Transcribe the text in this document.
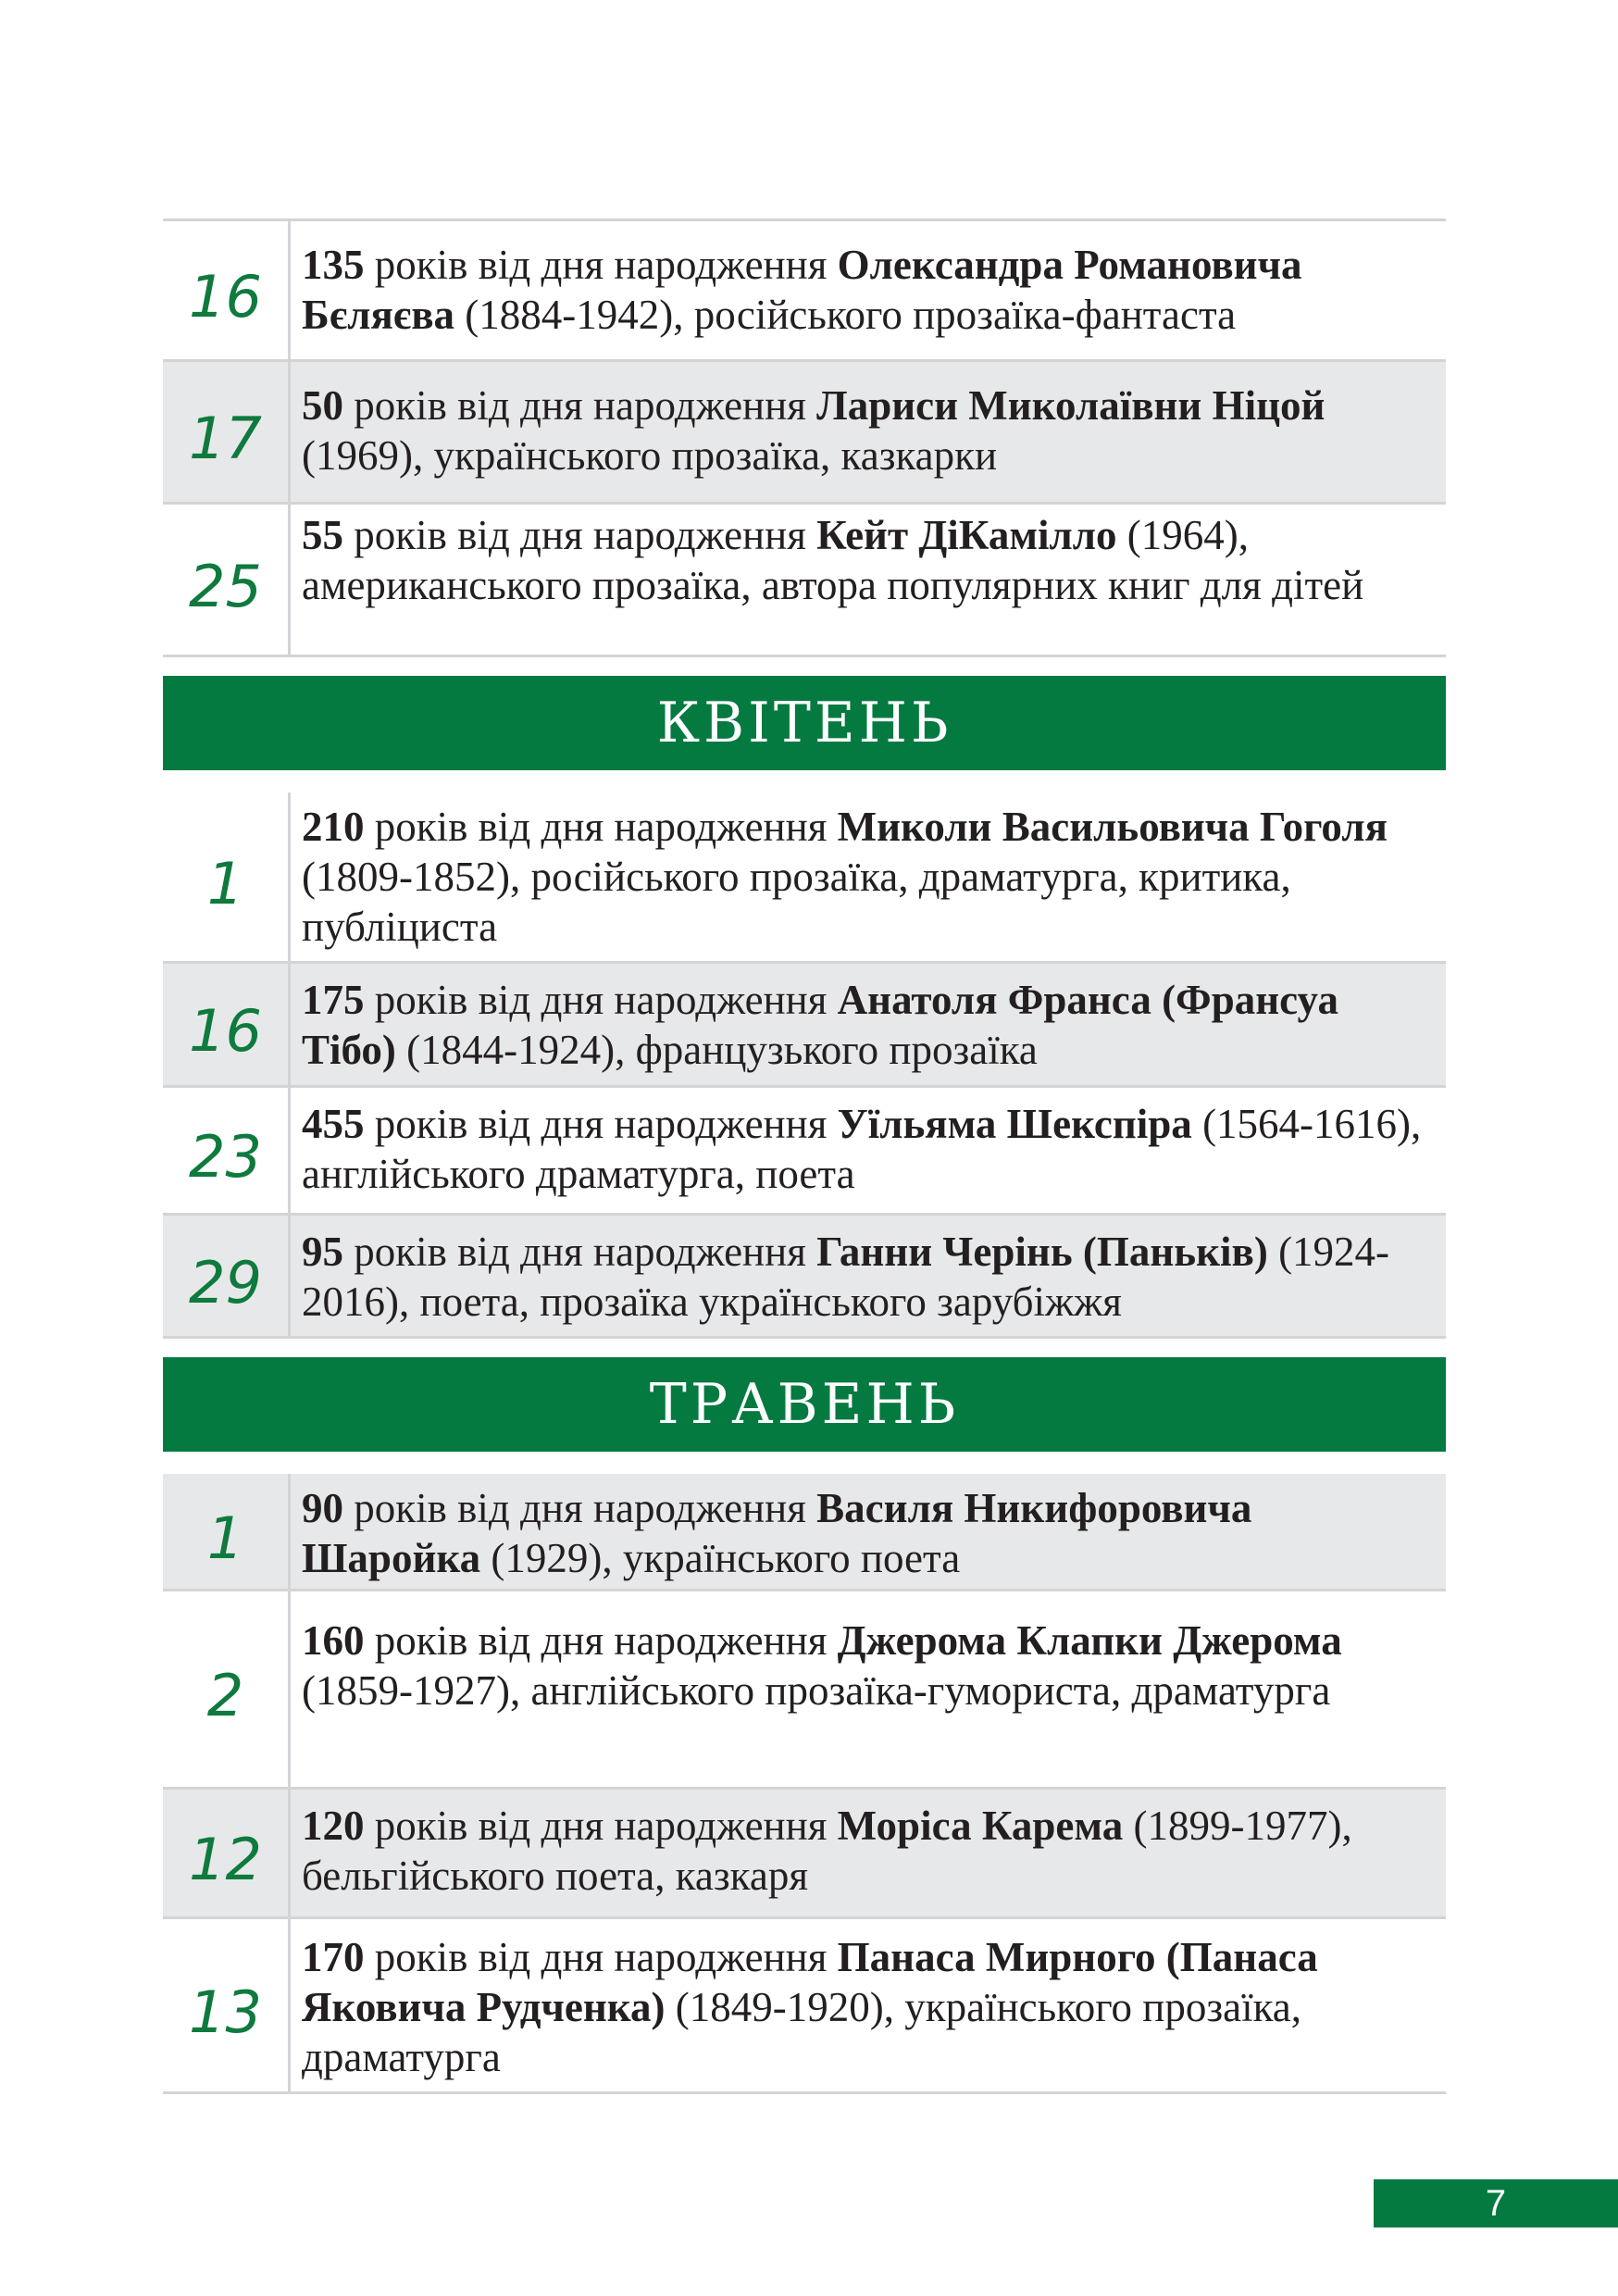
16 135 років від дня народження Олександра Романовича Бєляєва (1884-1942), російського прозаїка-фантаста
17 50 років від дня народження Лариси Миколаївни Ніцой (1969), українського прозаїка, казкарки
25
55 років від дня народження Кейт ДіКамілло (1964), американського прозаїка, автора популярних книг для дітей
КВІТЕНЬ
1
210 років від дня народження Миколи Васильовича Гоголя (1809-1852), російського прозаїка, драматурга, критика, публіциста
16 175 років від дня народження Анатоля Франса (Франсуа Тібо) (1844-1924), французького прозаїка
23 455 років від дня народження Уїльяма Шекспіра (1564-1616), англійського драматурга, поета
29 95 років від дня народження Ганни Черінь (Паньків) (1924-2016), поета, прозаїка українського зарубіжжя
ТРАВЕНЬ
1	90 років від дня народження Василя Никифоровича Шаройка (1929), українського поета
2
160 років від дня народження Джерома Клапки Джерома (1859-1927), англійського прозаїка-гумориста, драматурга
12 120 років від дня народження Моріса Карема (1899-1977), бельгійського поета, казкаря
13
170 років від дня народження Панаса Мирного (Панаса Яковича Рудченка) (1849-1920), українського прозаїка, драматурга
7
